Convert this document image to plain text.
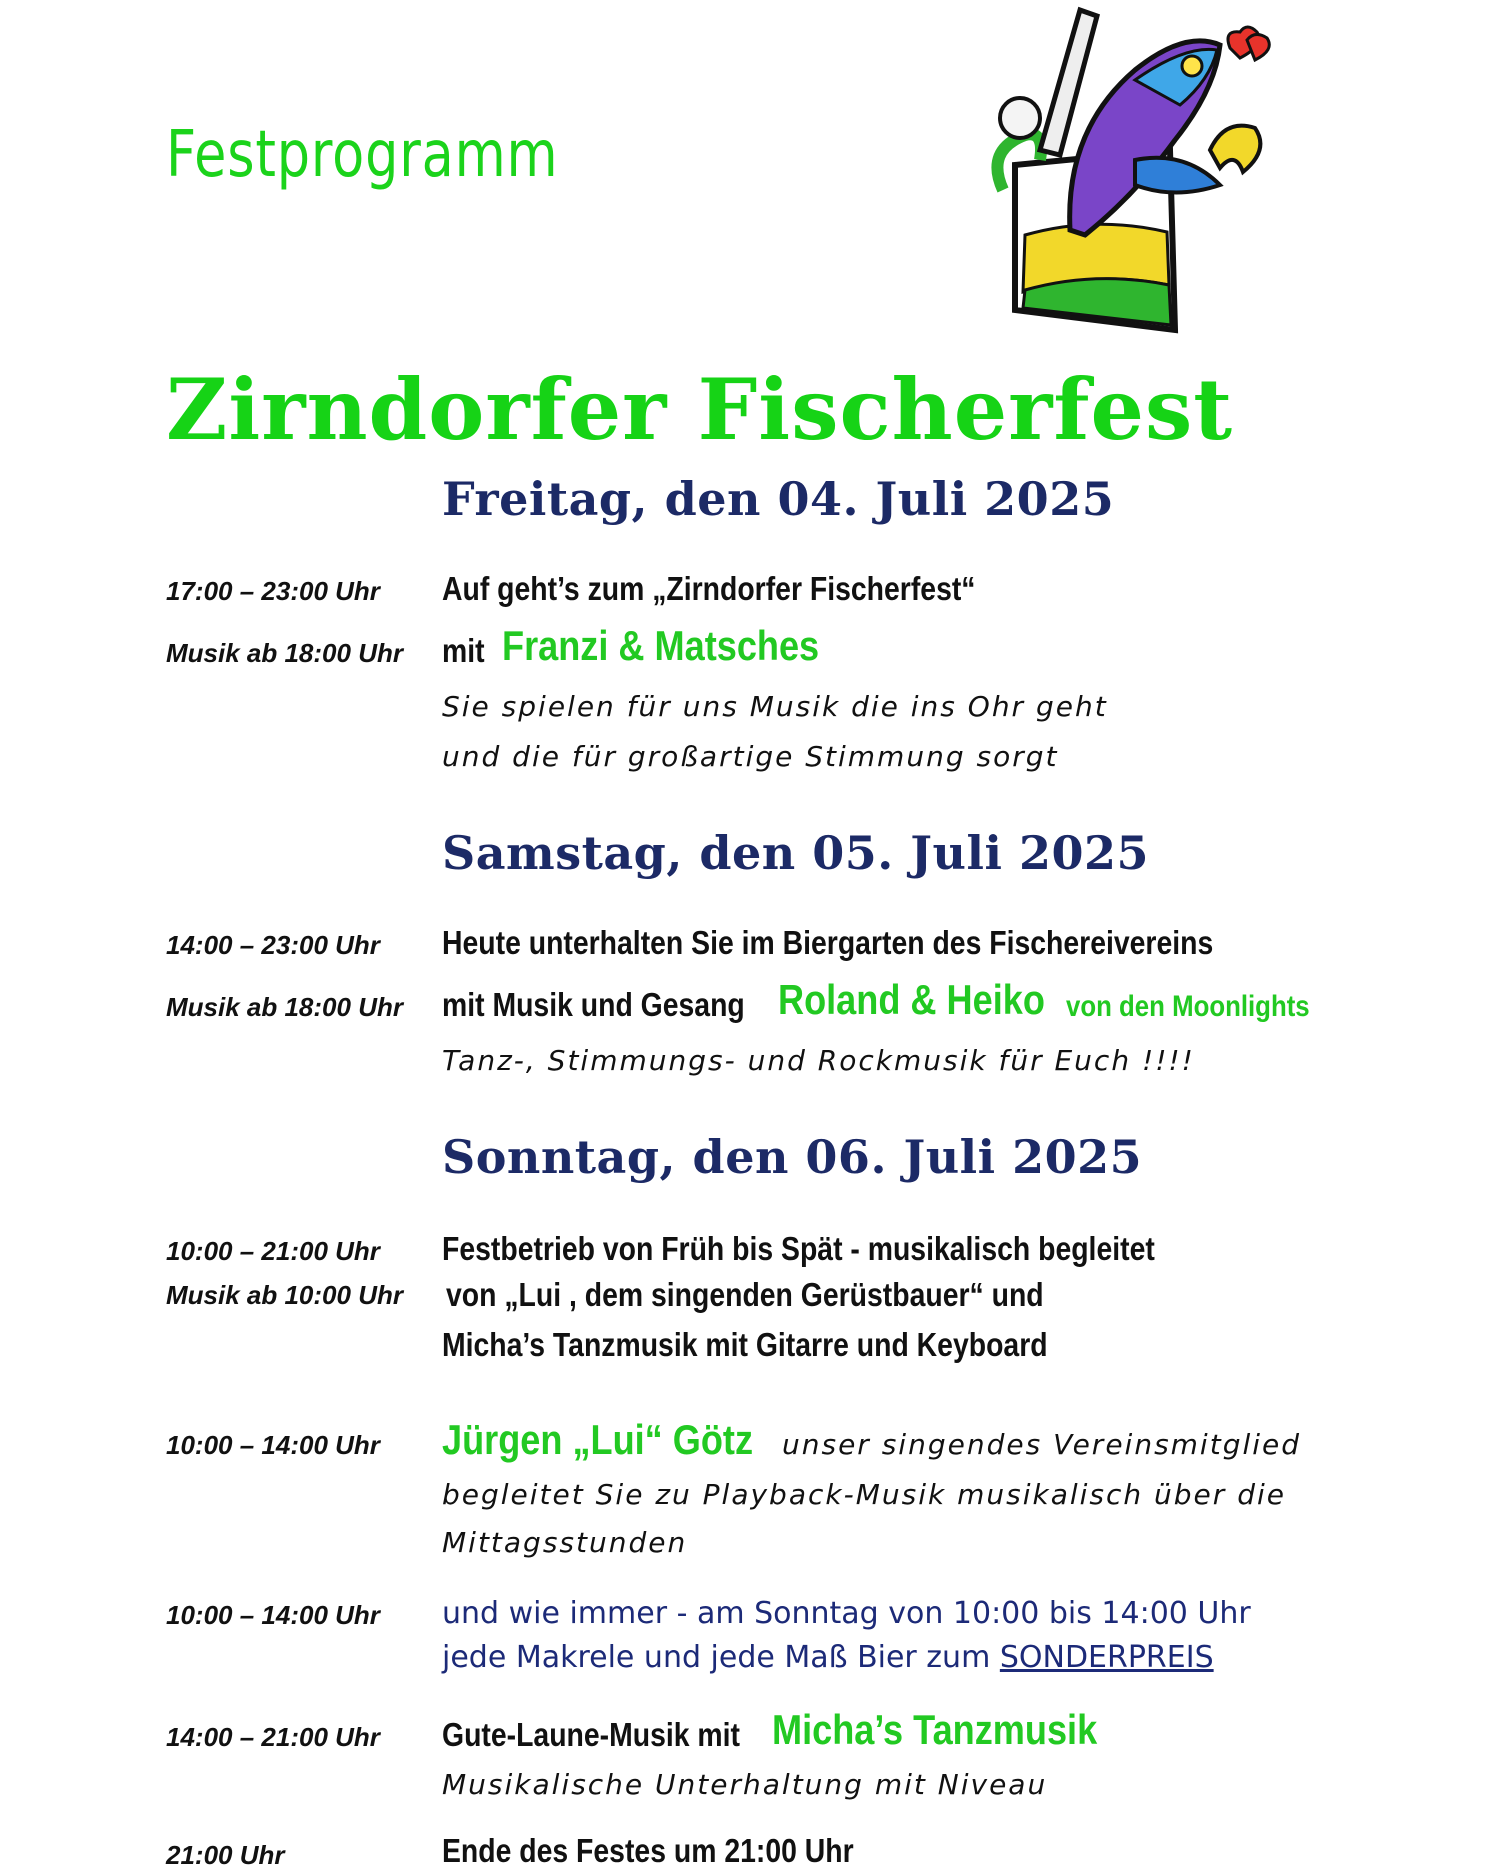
Festprogramm
Zirndorfer Fischerfest
Freitag, den 04. Juli 2025
17:00 – 23:00 Uhr Auf geht’s zum „Zirndorfer Fischerfest“
Musik ab 18:00 Uhr mit Franzi & Matsches
Sie spielen für uns Musik die ins Ohr geht
und die für großartige Stimmung sorgt
Samstag, den 05. Juli 2025
14:00 – 23:00 Uhr Heute unterhalten Sie im Biergarten des Fischereivereins
Musik ab 18:00 Uhr mit Musik und Gesang Roland & Heiko von den Moonlights
Tanz-, Stimmungs- und Rockmusik für Euch !!!!
Sonntag, den 06. Juli 2025
10:00 – 21:00 Uhr Festbetrieb von Früh bis Spät - musikalisch begleitet
Musik ab 10:00 Uhr von „Lui , dem singenden Gerüstbauer“ und
Micha’s Tanzmusik mit Gitarre und Keyboard
10:00 – 14:00 Uhr Jürgen „Lui“ Götz unser singendes Vereinsmitglied
begleitet Sie zu Playback-Musik musikalisch über die
Mittagsstunden
10:00 – 14:00 Uhr und wie immer - am Sonntag von 10:00 bis 14:00 Uhr
jede Makrele und jede Maß Bier zum SONDERPREIS
14:00 – 21:00 Uhr Gute-Laune-Musik mit Micha’s Tanzmusik
Musikalische Unterhaltung mit Niveau
21:00 Uhr	Ende des Festes um 21:00 Uhr
